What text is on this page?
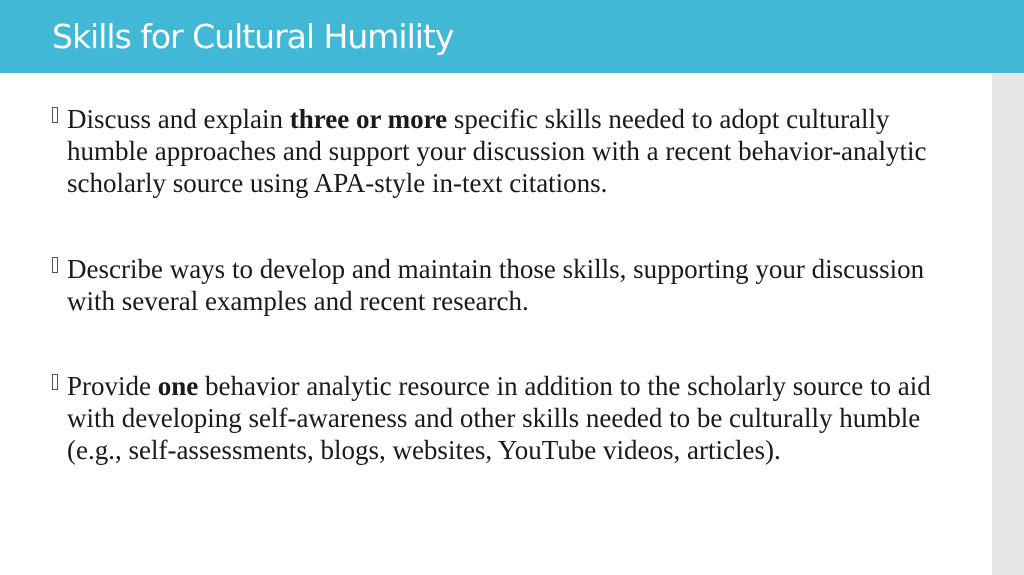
Skills for Cultural Humility
Discuss and explain three or more specific skills needed to adopt culturally humble approaches and support your discussion with a recent behavior-analytic scholarly source using APA-style in-text citations.
Describe ways to develop and maintain those skills, supporting your discussion with several examples and recent research.
Provide one behavior analytic resource in addition to the scholarly source to aid with developing self-awareness and other skills needed to be culturally humble (e.g., self-assessments, blogs, websites, YouTube videos, articles).
